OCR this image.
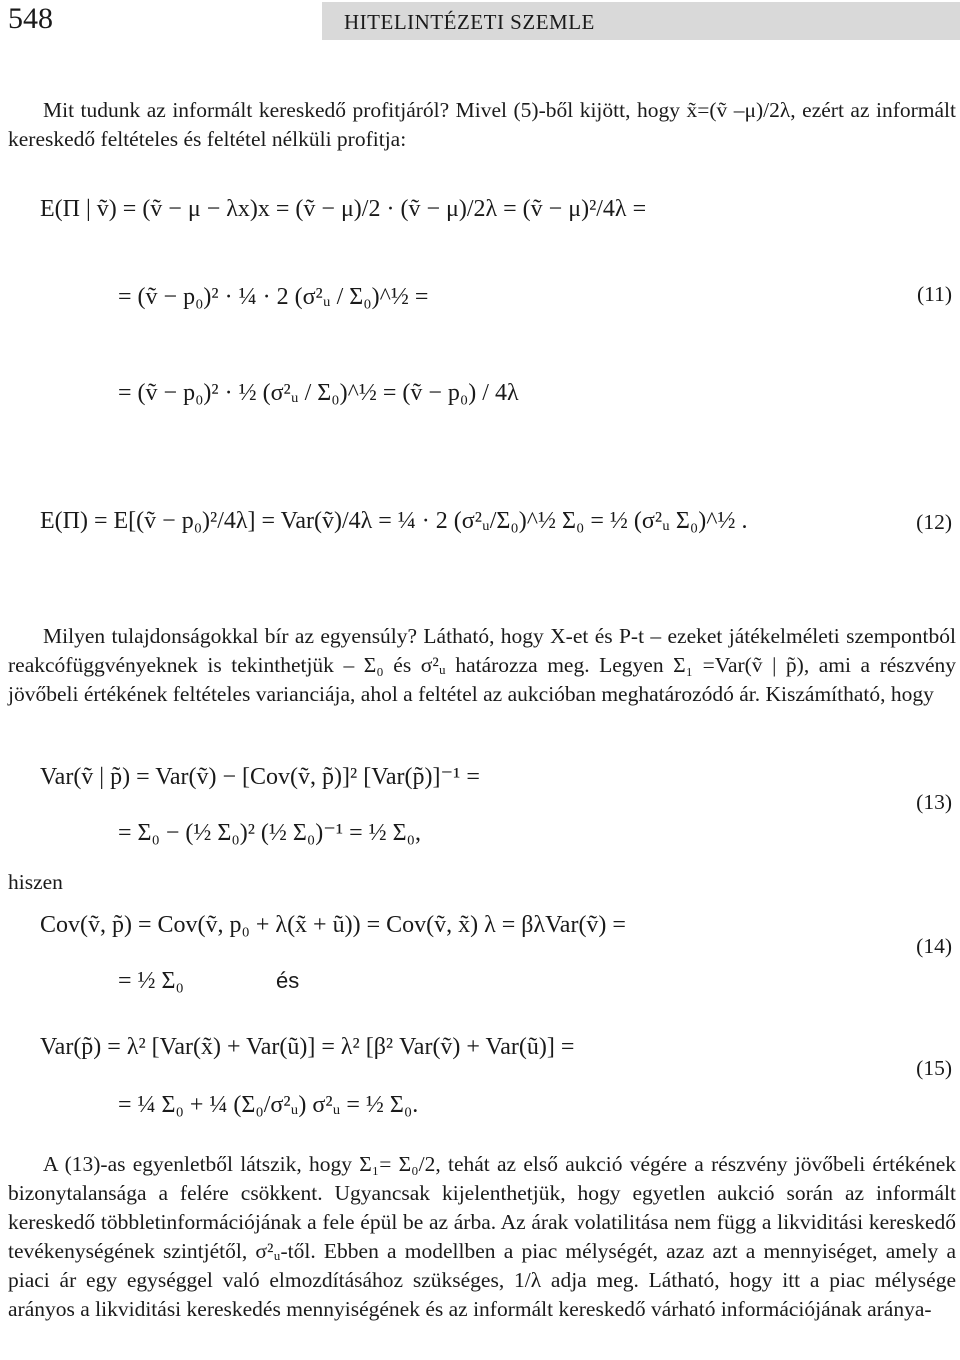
548	HITELINTÉZETI SZEMLE

Mit tudunk az informált kereskedő profitjáról? Mivel (5)-ből kijött, hogy x̃=(ṽ –μ)/2λ, ezért az informált kereskedő feltételes és feltétel nélküli profitja:

E(Π | ṽ) = (ṽ − μ − λx)x = (ṽ − μ)/2 · (ṽ − μ)/2λ = (ṽ − μ)²/4λ =
= (ṽ − p₀)² · ¼ · 2 (σ²ᵤ / Σ₀)^½ =	(11)
= (ṽ − p₀)² · ½ (σ²ᵤ / Σ₀)^½ = (ṽ − p₀) / 4λ
E(Π) = E[(ṽ − p₀)²/4λ] = Var(ṽ)/4λ = ¼ · 2 (σ²ᵤ/Σ₀)^½ Σ₀ = ½ (σ²ᵤ Σ₀)^½ .	(12)

Milyen tulajdonságokkal bír az egyensúly? Látható, hogy X-et és P-t – ezeket játékelméleti szempontból reakcófüggvényeknek is tekinthetjük – Σ₀ és σ²ᵤ határozza meg. Legyen Σ₁ =Var(ṽ | p̃), ami a részvény jövőbeli értékének feltételes varianciája, ahol a feltétel az aukcióban meghatározódó ár. Kiszámítható, hogy

Var(ṽ | p̃) = Var(ṽ) − [Cov(ṽ, p̃)]² [Var(p̃)]⁻¹ =
= Σ₀ − (½ Σ₀)² (½ Σ₀)⁻¹ = ½ Σ₀,
(13)
hiszen
Cov(ṽ, p̃) = Cov(ṽ, p₀ + λ(x̃ + ũ)) = Cov(ṽ, x̃) λ = βλVar(ṽ) =
= ½ Σ₀	és
(14)
Var(p̃) = λ² [Var(x̃) + Var(ũ)] = λ² [β² Var(ṽ) + Var(ũ)] =
= ¼ Σ₀ + ¼ (Σ₀/σ²ᵤ) σ²ᵤ = ½ Σ₀.
(15)

A (13)-as egyenletből látszik, hogy Σ₁= Σ₀/2, tehát az első aukció végére a részvény jövőbeli értékének bizonytalansága a felére csökkent. Ugyancsak kijelenthetjük, hogy egyetlen aukció során az informált kereskedő többletinformációjának a fele épül be az árba. Az árak volatilitása nem függ a likviditási kereskedő tevékenységének szintjétől, σ²ᵤ-től. Ebben a modellben a piac mélységét, azaz azt a mennyiséget, amely a piaci ár egy egységgel való elmozdításához szükséges, 1/λ adja meg. Látható, hogy itt a piac mélysége arányos a likviditási kereskedés mennyiségének és az informált kereskedő várható információjának aránya-
